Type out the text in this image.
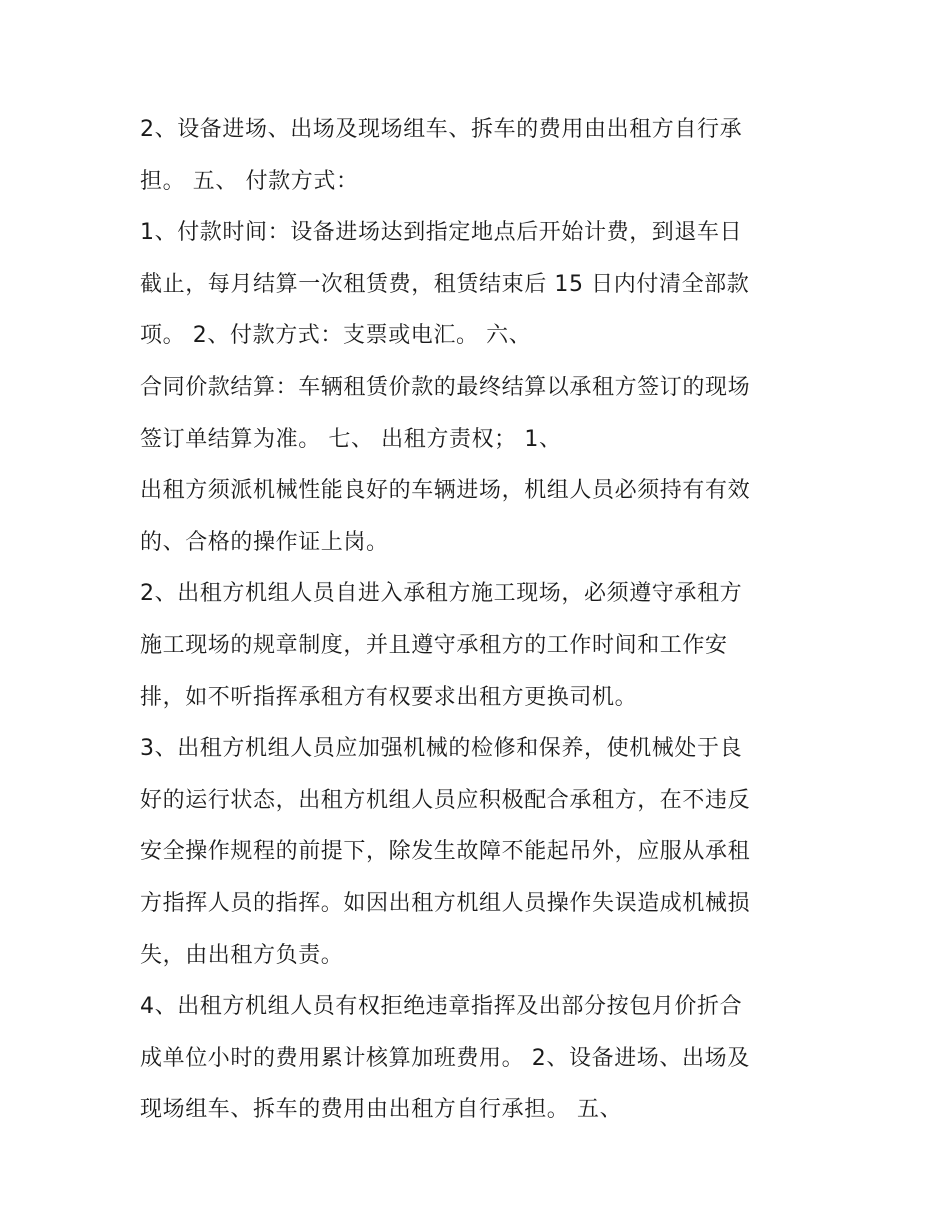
2、设备进场、出场及现场组车、拆车的费用由出租方自行承
担。 五、 付款方式：
1、付款时间：设备进场达到指定地点后开始计费，到退车日
截止，每月结算一次租赁费，租赁结束后 15 日内付清全部款
项。 2、付款方式：支票或电汇。 六、
合同价款结算：车辆租赁价款的最终结算以承租方签订的现场
签订单结算为准。 七、 出租方责权； 1、
出租方须派机械性能良好的车辆进场，机组人员必须持有有效
的、合格的操作证上岗。
2、出租方机组人员自进入承租方施工现场，必须遵守承租方
施工现场的规章制度，并且遵守承租方的工作时间和工作安
排，如不听指挥承租方有权要求出租方更换司机。
3、出租方机组人员应加强机械的检修和保养，使机械处于良
好的运行状态，出租方机组人员应积极配合承租方，在不违反
安全操作规程的前提下，除发生故障不能起吊外，应服从承租
方指挥人员的指挥。如因出租方机组人员操作失误造成机械损
失，由出租方负责。
4、出租方机组人员有权拒绝违章指挥及出部分按包月价折合
成单位小时的费用累计核算加班费用。 2、设备进场、出场及
现场组车、拆车的费用由出租方自行承担。 五、
